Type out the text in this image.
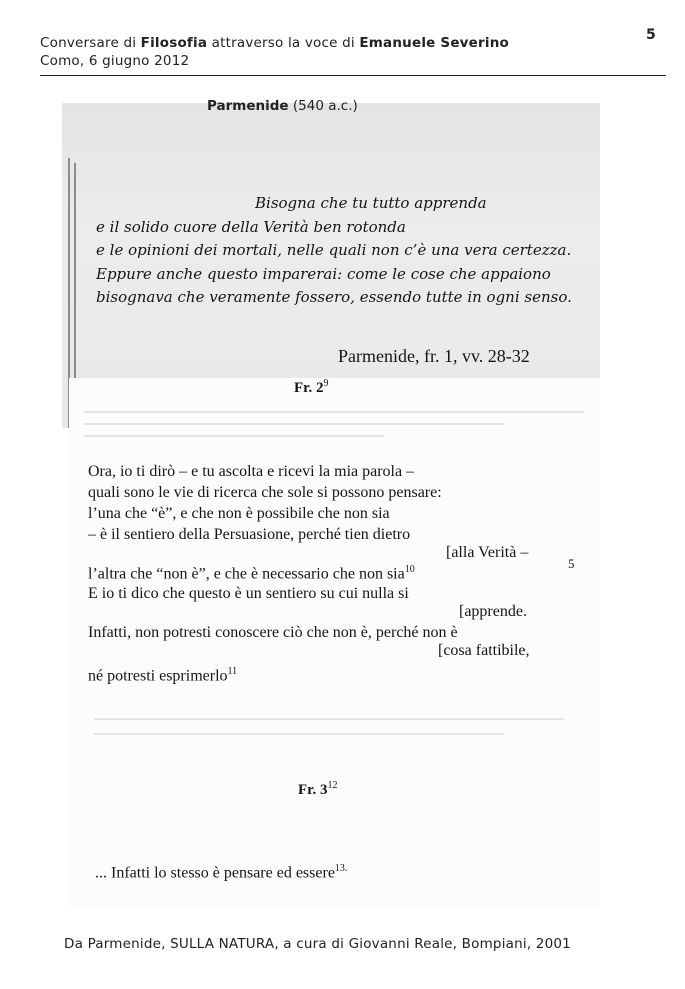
Conversare di Filosofia attraverso la voce di Emanuele Severino
Como, 6 giugno 2012
5
Parmenide (540 a.c.)
Bisogna che tu tutto apprenda
e il solido cuore della Verità ben rotonda
e le opinioni dei mortali, nelle quali non c’è una vera certezza.
Eppure anche questo imparerai: come le cose che appaiono
bisognava che veramente fossero, essendo tutte in ogni senso.
Parmenide, fr. 1, vv. 28-32
Fr. $2^9$
Ora, io ti dirò – e tu ascolta e ricevi la mia parola –
quali sono le vie di ricerca che sole si possono pensare:
l’una che “è”, e che non è possibile che non sia
– è il sentiero della Persuasione, perché tien dietro
[alla Verità –
l’altra che “non è”, e che è necessario che non sia$^{10}$	5
E io ti dico che questo è un sentiero su cui nulla si
[apprende.
Infatti, non potresti conoscere ciò che non è, perché non è
[cosa fattibile,
né potresti esprimerlo$^{11}$
Fr. $3^{12}$
... Infatti lo stesso è pensare ed essere$^{13.}$
Da Parmenide, SULLA NATURA, a cura di Giovanni Reale, Bompiani, 2001
